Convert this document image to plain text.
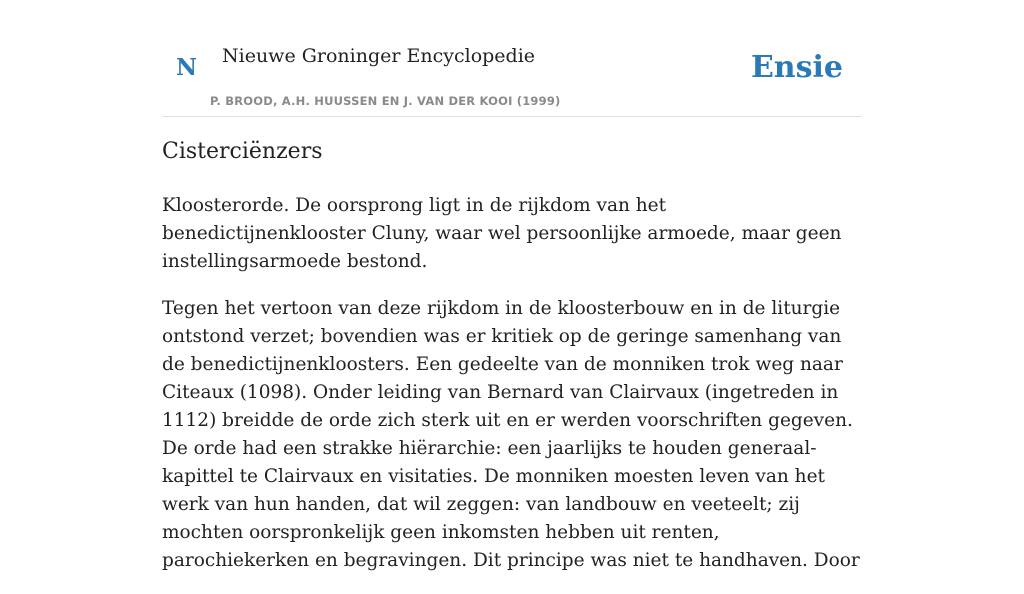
N Nieuwe Groninger Encyclopedie
P. BROOD, A.H. HUUSSEN EN J. VAN DER KOOI (1999)
Ensie
Cisterciënzers

Kloosterorde. De oorsprong ligt in de rijkdom van het benedictijnenklooster Cluny, waar wel persoonlijke armoede, maar geen instellingsarmoede bestond.

Tegen het vertoon van deze rijkdom in de kloosterbouw en in de liturgie ontstond verzet; bovendien was er kritiek op de geringe samenhang van de benedictijnenkloosters. Een gedeelte van de monniken trok weg naar Citeaux (1098). Onder leiding van Bernard van Clairvaux (ingetreden in 1112) breidde de orde zich sterk uit en er werden voorschriften gegeven. De orde had een strakke hiërarchie: een jaarlijks te houden generaal-kapittel te Clairvaux en visitaties. De monniken moesten leven van het werk van hun handen, dat wil zeggen: van landbouw en veeteelt; zij mochten oorspronkelijk geen inkomsten hebben uit renten, parochiekerken en begravingen. Dit principe was niet te handhaven. Door
